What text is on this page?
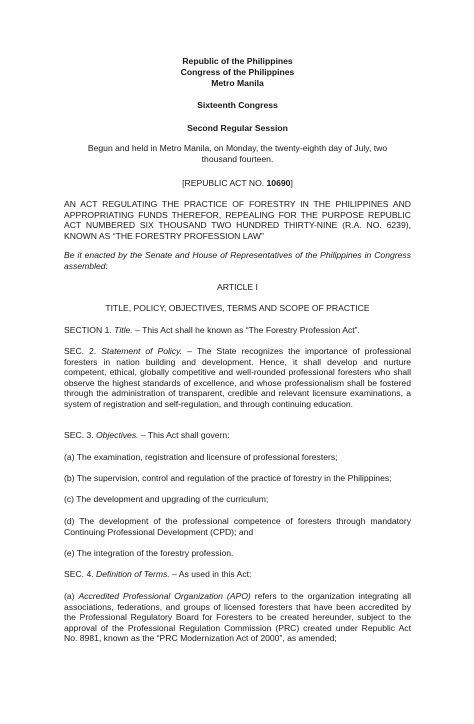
Republic of the Philippines
Congress of the Philippines
Metro Manila
Sixteenth Congress
Second Regular Session

Begun and held in Metro Manila, on Monday, the twenty-eighth day of July, two thousand fourteen.

[REPUBLIC ACT NO. 10690]

AN ACT REGULATING THE PRACTICE OF FORESTRY IN THE PHILIPPINES AND APPROPRIATING FUNDS THEREFOR, REPEALING FOR THE PURPOSE REPUBLIC ACT NUMBERED SIX THOUSAND TWO HUNDRED THIRTY-NINE (R.A. NO. 6239), KNOWN AS “THE FORESTRY PROFESSION LAW”

Be it enacted by the Senate and House of Representatives of the Philippines in Congress assembled:

ARTICLE I

TITLE, POLICY, OBJECTIVES, TERMS AND SCOPE OF PRACTICE

SECTION 1. Title. – This Act shall he known as “The Forestry Profession Act”.

SEC. 2. Statement of Policy. – The State recognizes the importance of professional foresters in nation building and development. Hence, it shall develop and nurture competent, ethical, globally competitive and well-rounded professional foresters who shall observe the highest standards of excellence, and whose professionalism shall be fostered through the administration of transparent, credible and relevant licensure examinations, a system of registration and self-regulation, and through continuing education.

SEC. 3. Objectives. – This Act shall govern:

(a) The examination, registration and licensure of professional foresters;

(b) The supervision, control and regulation of the practice of forestry in the Philippines;

(c) The development and upgrading of the curriculum;

(d) The development of the professional competence of foresters through mandatory Continuing Professional Development (CPD); and

(e) The integration of the forestry profession.

SEC. 4. Definition of Terms. – As used in this Act:

(a) Accredited Professional Organization (APO) refers to the organization integrating all associations, federations, and groups of licensed foresters that have been accredited by the Professional Regulatory Board for Foresters to be created hereunder, subject to the approval of the Professional Regulation Commission (PRC) created under Republic Act No. 8981, known as the “PRC Modernization Act of 2000”, as amended;
